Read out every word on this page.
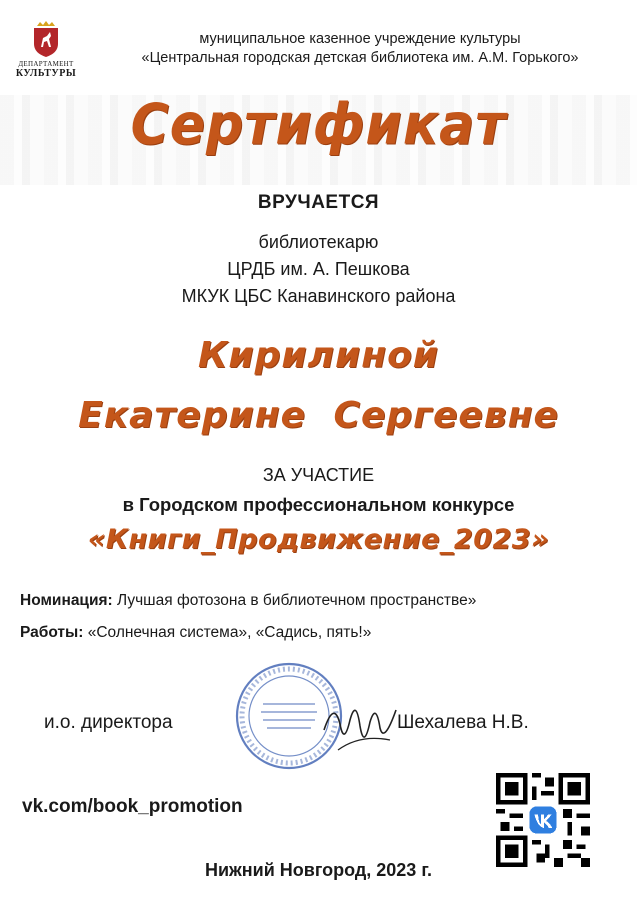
ДЕПАРТАМЕНТ
КУЛЬТУРЫ
муниципальное казенное учреждение культуры
«Центральная городская детская библиотека им. А.М. Горького»
Сертификат
ВРУЧАЕТСЯ
библиотекарю
ЦРДБ им. А. Пешкова
МКУК ЦБС Канавинского района
Кирилиной
Екатерине Сергеевне
ЗА УЧАСТИЕ
в Городском профессиональном конкурсе
«Книги_Продвижение_2023»
Номинация: Лучшая фотозона в библиотечном пространстве»
Работы: «Солнечная система», «Садись, пять!»
и.о. директора	Шехалева Н.В.
vk.com/book_promotion
Нижний Новгород, 2023 г.
